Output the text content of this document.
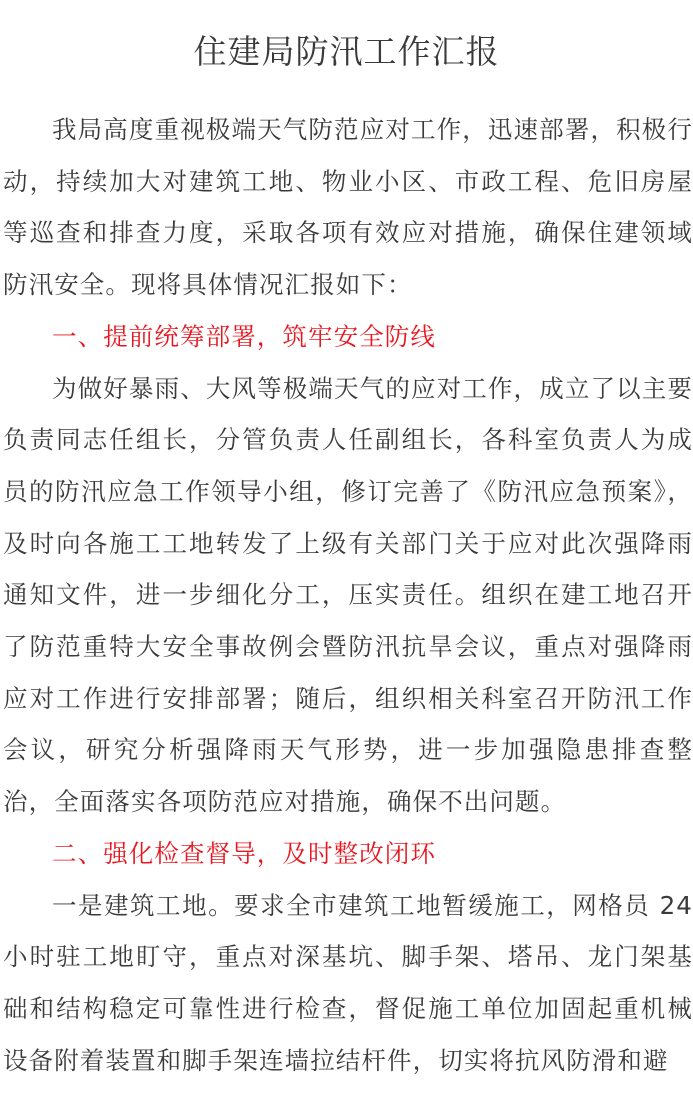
住建局防汛工作汇报

我局高度重视极端天气防范应对工作，迅速部署，积极行动，持续加大对建筑工地、物业小区、市政工程、危旧房屋等巡查和排查力度，采取各项有效应对措施，确保住建领域防汛安全。现将具体情况汇报如下：

一、提前统筹部署，筑牢安全防线

为做好暴雨、大风等极端天气的应对工作，成立了以主要负责同志任组长，分管负责人任副组长，各科室负责人为成员的防汛应急工作领导小组，修订完善了《防汛应急预案》，及时向各施工工地转发了上级有关部门关于应对此次强降雨通知文件，进一步细化分工，压实责任。组织在建工地召开了防范重特大安全事故例会暨防汛抗旱会议，重点对强降雨应对工作进行安排部署；随后，组织相关科室召开防汛工作会议，研究分析强降雨天气形势，进一步加强隐患排查整治，全面落实各项防范应对措施，确保不出问题。

二、强化检查督导，及时整改闭环

一是建筑工地。要求全市建筑工地暂缓施工，网格员 24 小时驻工地盯守，重点对深基坑、脚手架、塔吊、龙门架基础和结构稳定可靠性进行检查，督促施工单位加固起重机械设备附着装置和脚手架连墙拉结杆件，切实将抗风防滑和避
